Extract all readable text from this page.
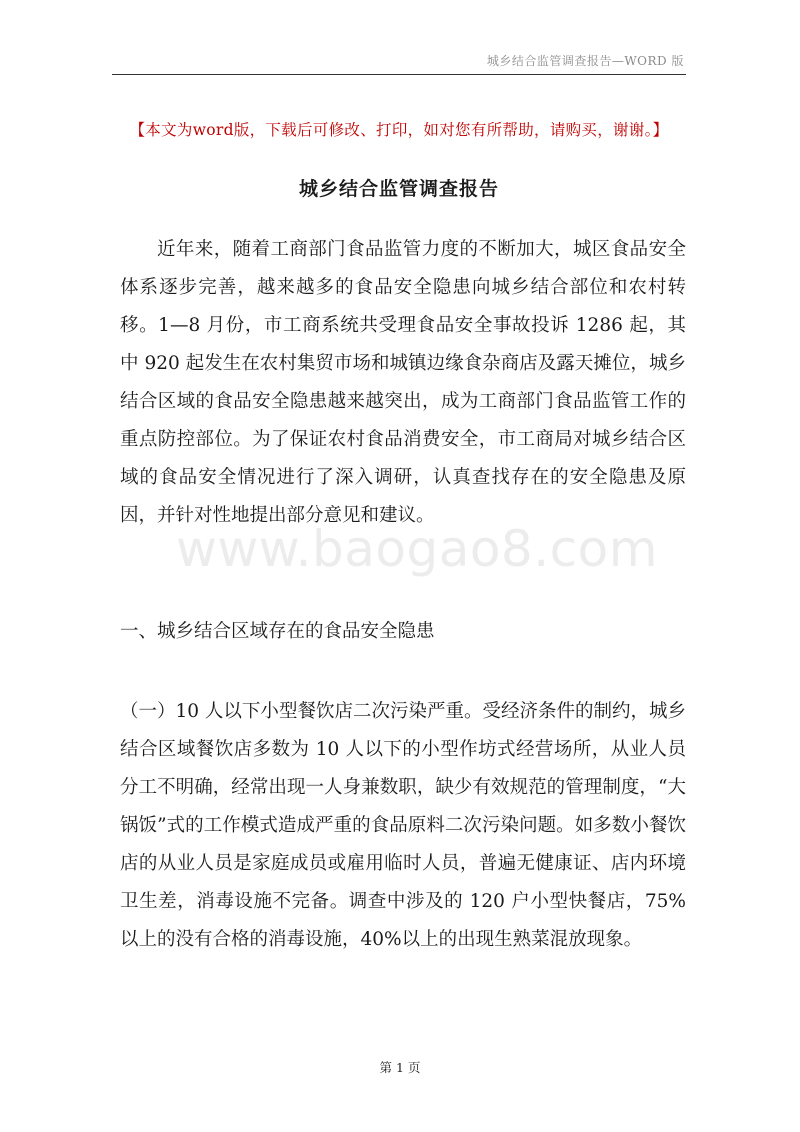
城乡结合监管调查报告—WORD 版
【本文为word版，下载后可修改、打印，如对您有所帮助，请购买，谢谢。】
城乡结合监管调查报告
www.baogao8.com
近年来，随着工商部门食品监管力度的不断加大，城区食品安全体系逐步完善，越来越多的食品安全隐患向城乡结合部位和农村转移。1—8 月份，市工商系统共受理食品安全事故投诉 1286 起，其中 920 起发生在农村集贸市场和城镇边缘食杂商店及露天摊位，城乡结合区域的食品安全隐患越来越突出，成为工商部门食品监管工作的重点防控部位。为了保证农村食品消费安全，市工商局对城乡结合区域的食品安全情况进行了深入调研，认真查找存在的安全隐患及原因，并针对性地提出部分意见和建议。
一、城乡结合区域存在的食品安全隐患
（一）10 人以下小型餐饮店二次污染严重。受经济条件的制约，城乡结合区域餐饮店多数为 10 人以下的小型作坊式经营场所，从业人员分工不明确，经常出现一人身兼数职，缺少有效规范的管理制度，“大锅饭”式的工作模式造成严重的食品原料二次污染问题。如多数小餐饮店的从业人员是家庭成员或雇用临时人员，普遍无健康证、店内环境卫生差，消毒设施不完备。调查中涉及的 120 户小型快餐店，75%以上的没有合格的消毒设施，40%以上的出现生熟菜混放现象。
第 1 页
